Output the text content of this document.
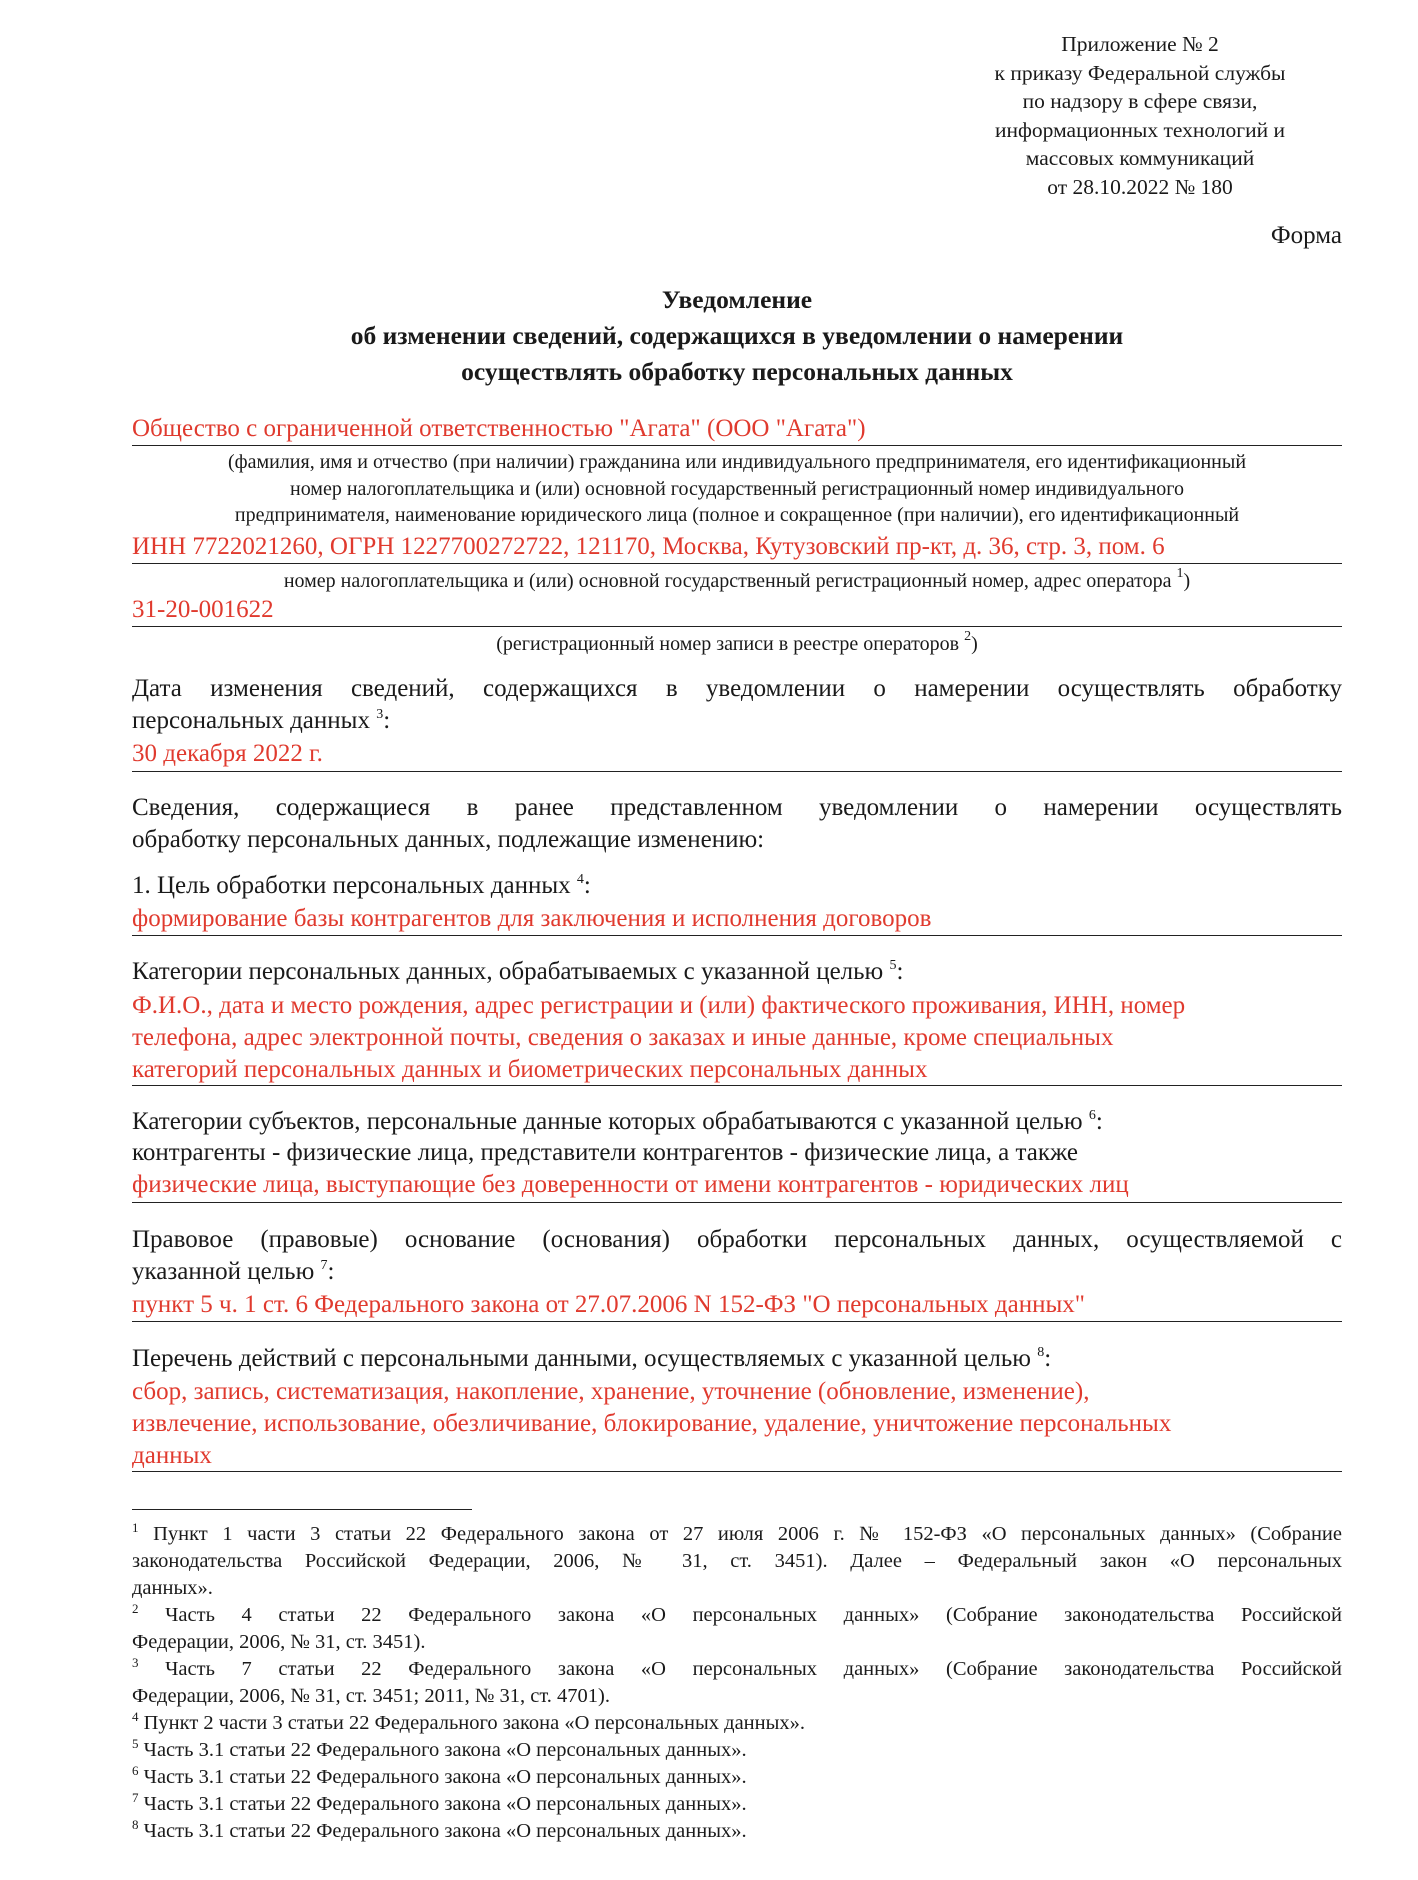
Приложение № 2
к приказу Федеральной службы
по надзору в сфере связи,
информационных технологий и
массовых коммуникаций
от 28.10.2022 № 180
Форма
Уведомление
об изменении сведений, содержащихся в уведомлении о намерении
осуществлять обработку персональных данных
Общество с ограниченной ответственностью "Агата" (ООО "Агата")
(фамилия, имя и отчество (при наличии) гражданина или индивидуального предпринимателя, его идентификационный
номер налогоплательщика и (или) основной государственный регистрационный номер индивидуального
предпринимателя, наименование юридического лица (полное и сокращенное (при наличии), его идентификационный
ИНН 7722021260, ОГРН 1227700272722, 121170, Москва, Кутузовский пр-кт, д. 36, стр. 3, пом. 6
номер налогоплательщика и (или) основной государственный регистрационный номер, адрес оператора $^1$)
31-20-001622
(регистрационный номер записи в реестре операторов $^2$)
Дата изменения сведений, содержащихся в уведомлении о намерении осуществлять обработку
персональных данных $^3$:
30 декабря 2022 г.
Сведения, содержащиеся в ранее представленном уведомлении о намерении осуществлять
обработку персональных данных, подлежащие изменению:
1. Цель обработки персональных данных $^4$:
формирование базы контрагентов для заключения и исполнения договоров
Категории персональных данных, обрабатываемых с указанной целью $^5$:
Ф.И.О., дата и место рождения, адрес регистрации и (или) фактического проживания, ИНН, номер
телефона, адрес электронной почты, сведения о заказах и иные данные, кроме специальных
категорий персональных данных и биометрических персональных данных
Категории субъектов, персональные данные которых обрабатываются с указанной целью $^6$:
контрагенты - физические лица, представители контрагентов - физические лица, а также
физические лица, выступающие без доверенности от имени контрагентов - юридических лиц
Правовое (правовые) основание (основания) обработки персональных данных, осуществляемой с
указанной целью $^7$:
пункт 5 ч. 1 ст. 6 Федерального закона от 27.07.2006 N 152-ФЗ "О персональных данных"
Перечень действий с персональными данными, осуществляемых с указанной целью $^8$:
сбор, запись, систематизация, накопление, хранение, уточнение (обновление, изменение),
извлечение, использование, обезличивание, блокирование, удаление, уничтожение персональных
данных
$^1$ Пункт 1 части 3 статьи 22 Федерального закона от 27 июля 2006 г. № 152-ФЗ «О персональных данных» (Собрание
законодательства Российской Федерации, 2006, № 31, ст. 3451). Далее – Федеральный закон «О персональных
данных».
$^2$ Часть 4 статьи 22 Федерального закона «О персональных данных» (Собрание законодательства Российской
Федерации, 2006, № 31, ст. 3451).
$^3$ Часть 7 статьи 22 Федерального закона «О персональных данных» (Собрание законодательства Российской
Федерации, 2006, № 31, ст. 3451; 2011, № 31, ст. 4701).
$^4$ Пункт 2 части 3 статьи 22 Федерального закона «О персональных данных».
$^5$ Часть 3.1 статьи 22 Федерального закона «О персональных данных».
$^6$ Часть 3.1 статьи 22 Федерального закона «О персональных данных».
$^7$ Часть 3.1 статьи 22 Федерального закона «О персональных данных».
$^8$ Часть 3.1 статьи 22 Федерального закона «О персональных данных».
